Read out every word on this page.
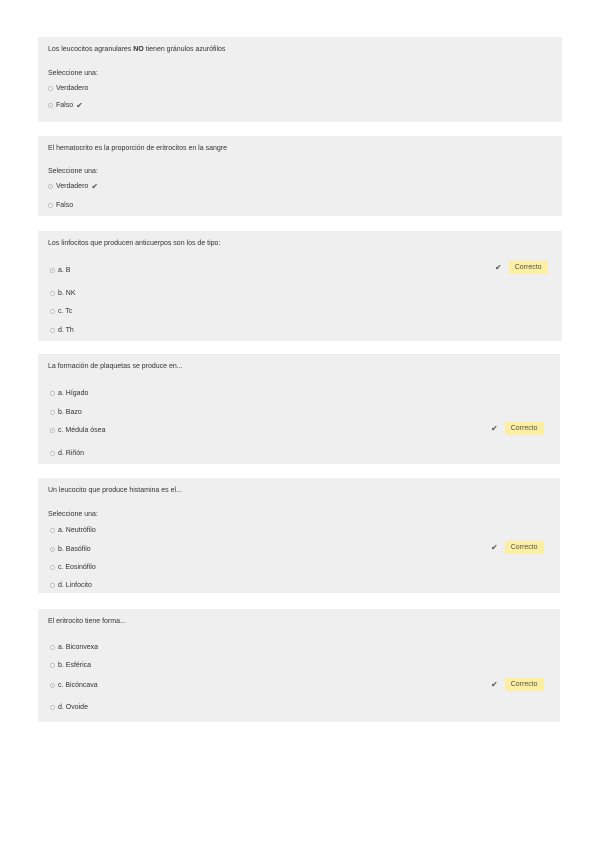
Los leucocitos agranulares NO tienen gránulos azurófilos
Seleccione una:
Verdadero
Falso ✔
El hematocrito es la proporción de eritrocitos en la sangre
Seleccione una:
Verdadero ✔
Falso
Los linfocitos que producen anticuerpos son los de tipo:
a. B
b. NK
c. Tc
d. Th
✔	Correcto
La formación de plaquetas se produce en...
a. Hígado
b. Bazo
c. Médula ósea
d. Riñón
✔	Correcto
Un leucocito que produce histamina es el...
Seleccione una:
a. Neutrófilo
b. Basófilo
c. Eosinófilo
d. Linfocito
✔	Correcto
El eritrocito tiene forma...
a. Biconvexa
b. Esférica
c. Bicóncava
d. Ovoide
✔	Correcto
